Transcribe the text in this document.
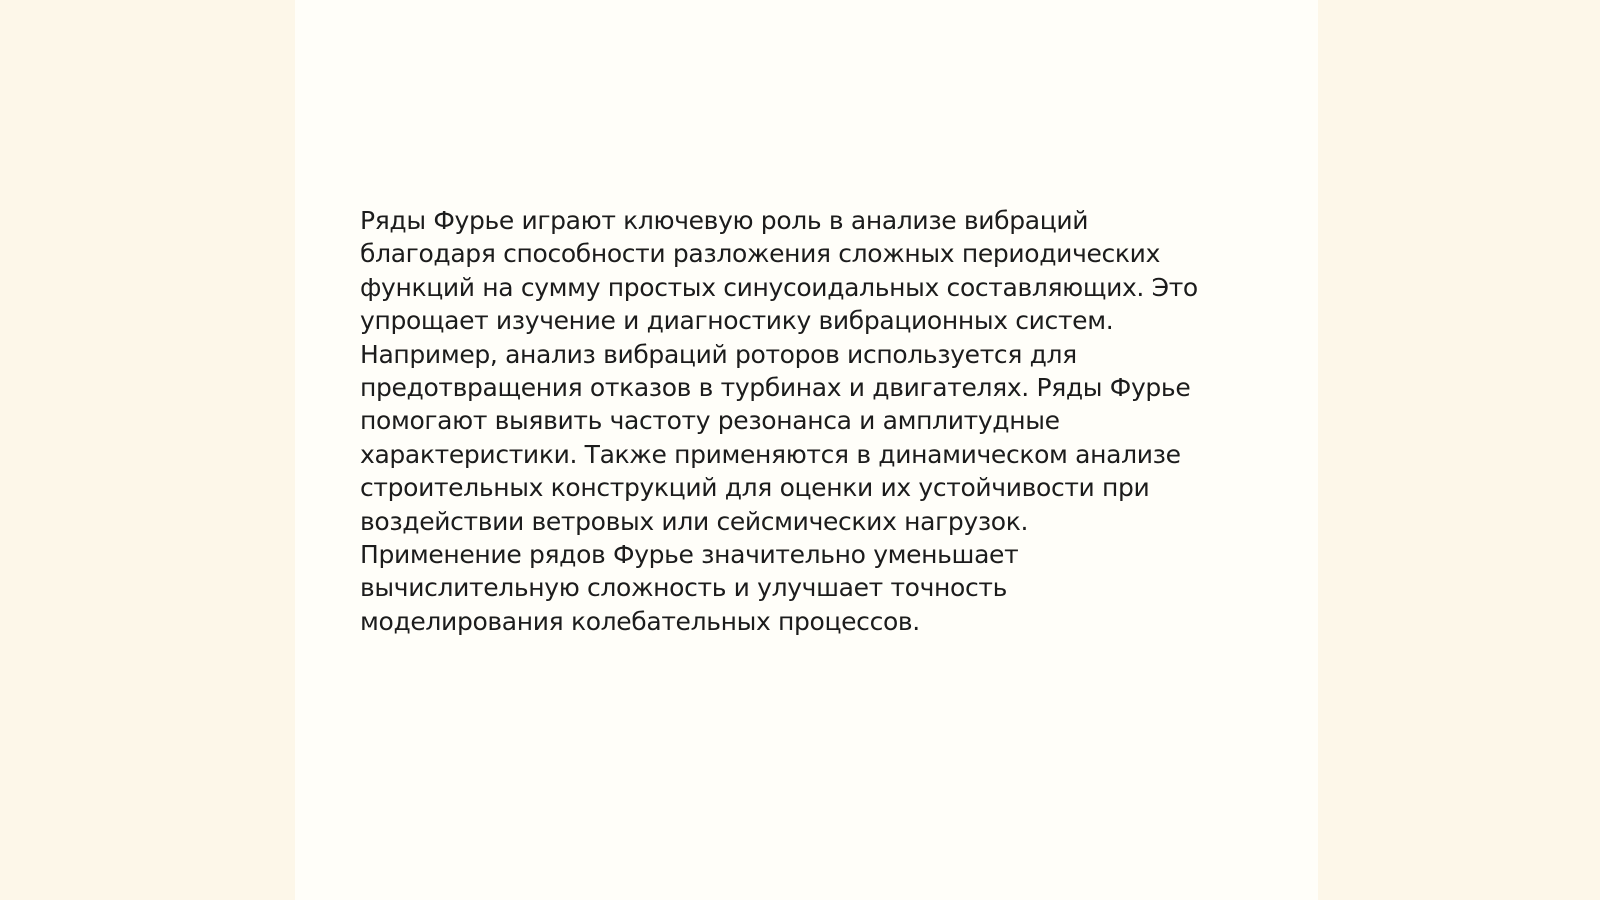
Ряды Фурье играют ключевую роль в анализе вибраций
благодаря способности разложения сложных периодических
функций на сумму простых синусоидальных составляющих. Это
упрощает изучение и диагностику вибрационных систем.
Например, анализ вибраций роторов используется для
предотвращения отказов в турбинах и двигателях. Ряды Фурье
помогают выявить частоту резонанса и амплитудные
характеристики. Также применяются в динамическом анализе
строительных конструкций для оценки их устойчивости при
воздействии ветровых или сейсмических нагрузок.
Применение рядов Фурье значительно уменьшает
вычислительную сложность и улучшает точность
моделирования колебательных процессов.
